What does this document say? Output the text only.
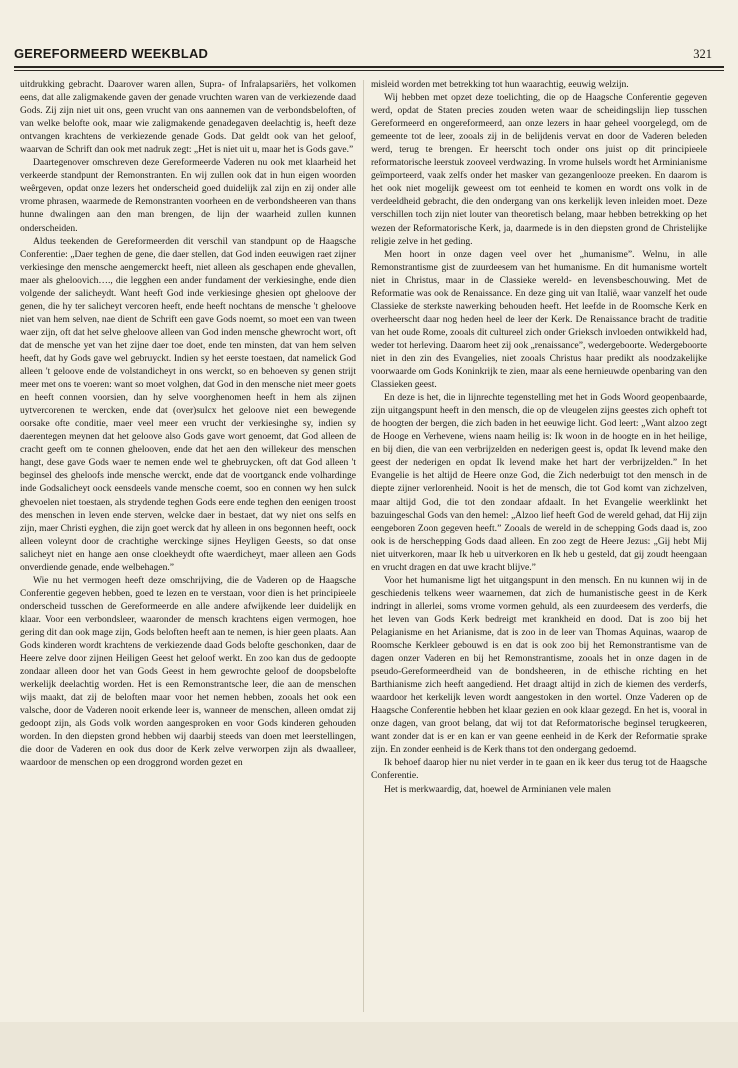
GEREFORMEERD WEEKBLAD	321

uitdrukking gebracht. Daarover waren allen, Supra- of Infralapsariërs, het volkomen eens, dat alle zaligmakende gaven der genade vruchten waren van de verkiezende daad Gods. Zij zijn niet uit ons, geen vrucht van ons aannemen van de verbondsbeloften, of van welke belofte ook, maar wie zaligmakende genadegaven deelachtig is, heeft deze ontvangen krachtens de verkiezende genade Gods. Dat geldt ook van het geloof, waarvan de Schrift dan ook met nadruk zegt: „Het is niet uit u, maar het is Gods gave.”

Daartegenover omschreven deze Gereformeerde Vaderen nu ook met klaarheid het verkeerde standpunt der Remonstranten. En wij zullen ook dat in hun eigen woorden weêrgeven, opdat onze lezers het onderscheid goed duidelijk zal zijn en zij onder alle vrome phrasen, waarmede de Remonstranten voorheen en de verbondsheeren van thans hunne dwalingen aan den man brengen, de lijn der waarheid zullen kunnen onderscheiden.

Aldus teekenden de Gereformeerden dit verschil van standpunt op de Haagsche Conferentie: „Daer teghen de gene, die daer stellen, dat God inden eeuwigen raet zijner verkiesinge den mensche aengemerckt heeft, niet alleen als geschapen ende ghevallen, maer als gheloovich…., die legghen een ander fundament der verkiesinghe, ende dien volgende der salicheydt. Want heeft God inde verkiesinge ghesien opt gheloove der genen, die hy ter salicheyt vercoren heeft, ende heeft nochtans de mensche 't gheloove niet van hem selven, nae dient de Schrift een gave Gods noemt, so moet een van tween waer zijn, oft dat het selve gheloove alleen van God inden mensche ghewrocht wort, oft dat de mensche yet van het zijne daer toe doet, ende ten minsten, dat van hem selven heeft, dat hy Gods gave wel gebruyckt. Indien sy het eerste toestaen, dat namelick God alleen 't geloove ende de volstandicheyt in ons werckt, so en behoeven sy genen strijt meer met ons te voeren: want so moet volghen, dat God in den mensche niet meer goets en heeft connen voorsien, dan hy selve voorghenomen heeft in hem als zijnen uytvercorenen te wercken, ende dat (over)sulcx het geloove niet een bewegende oorsake ofte conditie, maer veel meer een vrucht der verkiesinghe sy, indien sy daerentegen meynen dat het geloove also Gods gave wort genoemt, dat God alleen de cracht geeft om te connen ghelooven, ende dat het aen den willekeur des menschen hangt, dese gave Gods waer te nemen ende wel te ghebruycken, oft dat God alleen 't beginsel des gheloofs inde mensche werckt, ende dat de voortganck ende volhardinge inde Godsalicheyt oock eensdeels vande mensche coemt, soo en connen wy hen sulck ghevoelen niet toestaen, als strydende teghen Gods eere ende teghen den eenigen troost des menschen in leven ende sterven, welcke daer in bestaet, dat wy niet ons selfs en zijn, maer Christi eyghen, die zijn goet werck dat hy alleen in ons begonnen heeft, oock alleen voleynt door de crachtighe werckinge sijnes Heyligen Geests, so dat onse salicheyt niet en hange aen onse cloekheydt ofte waerdicheyt, maer alleen aen Gods onverdiende genade, ende welbehagen.”

Wie nu het vermogen heeft deze omschrijving, die de Vaderen op de Haagsche Conferentie gegeven hebben, goed te lezen en te verstaan, voor dien is het principieele onderscheid tusschen de Gereformeerde en alle andere afwijkende leer duidelijk en klaar. Voor een verbondsleer, waaronder de mensch krachtens eigen vermogen, hoe gering dit dan ook mage zijn, Gods beloften heeft aan te nemen, is hier geen plaats. Aan Gods kinderen wordt krachtens de verkiezende daad Gods belofte geschonken, daar de Heere zelve door zijnen Heiligen Geest het geloof werkt. En zoo kan dus de gedoopte zondaar alleen door het van Gods Geest in hem gewrochte geloof de doopsbelofte werkelijk deelachtig worden. Het is een Remonstrantsche leer, die aan de menschen wijs maakt, dat zij de beloften maar voor het nemen hebben, zooals het ook een valsche, door de Vaderen nooit erkende leer is, wanneer de menschen, alleen omdat zij gedoopt zijn, als Gods volk worden aangesproken en voor Gods kinderen gehouden worden. In den diepsten grond hebben wij daarbij steeds van doen met leerstellingen, die door de Vaderen en ook dus door de Kerk zelve verworpen zijn als dwaalleer, waardoor de menschen op een droggrond worden gezet en

misleid worden met betrekking tot hun waarachtig, eeuwig welzijn.

Wij hebben met opzet deze toelichting, die op de Haagsche Conferentie gegeven werd, opdat de Staten precies zouden weten waar de scheidingslijn liep tusschen Gereformeerd en ongereformeerd, aan onze lezers in haar geheel voorgelegd, om de gemeente tot de leer, zooals zij in de belijdenis vervat en door de Vaderen beleden werd, terug te brengen. Er heerscht toch onder ons juist op dit principieele reformatorische leerstuk zooveel verdwazing. In vrome hulsels wordt het Arminianisme geïmporteerd, vaak zelfs onder het masker van gezangenlooze preeken. En daarom is het ook niet mogelijk geweest om tot eenheid te komen en wordt ons volk in de verdeeldheid gebracht, die den ondergang van ons kerkelijk leven inleiden moet. Deze verschillen toch zijn niet louter van theoretisch belang, maar hebben betrekking op het wezen der Reformatorische Kerk, ja, daarmede is in den diepsten grond de Christelijke religie zelve in het geding.

Men hoort in onze dagen veel over het „humanisme”. Welnu, in alle Remonstrantisme gist de zuurdeesem van het humanisme. En dit humanisme wortelt niet in Christus, maar in de Classieke wereld- en levensbeschouwing. Met de Reformatie was ook de Renaissance. En deze ging uit van Italië, waar vanzelf het oude Classieke de sterkste nawerking behouden heeft. Het leefde in de Roomsche Kerk en overheerscht daar nog heden heel de leer der Kerk. De Renaissance bracht de traditie van het oude Rome, zooals dit cultureel zich onder Grieksch invloeden ontwikkeld had, weder tot herleving. Daarom heet zij ook „renaissance”, wedergeboorte. Wedergeboorte niet in den zin des Evangelies, niet zooals Christus haar predikt als noodzakelijke voorwaarde om Gods Koninkrijk te zien, maar als eene hernieuwde openbaring van den Classieken geest.

En deze is het, die in lijnrechte tegenstelling met het in Gods Woord geopenbaarde, zijn uitgangspunt heeft in den mensch, die op de vleugelen zijns geestes zich opheft tot de hoogten der bergen, die zich baden in het eeuwige licht. God leert: „Want alzoo zegt de Hooge en Verhevene, wiens naam heilig is: Ik woon in de hoogte en in het heilige, en bij dien, die van een verbrijzelden en nederigen geest is, opdat Ik levend make den geest der nederigen en opdat Ik levend make het hart der verbrijzelden.” In het Evangelie is het altijd de Heere onze God, die Zich nederbuigt tot den mensch in de diepte zijner verlorenheid. Nooit is het de mensch, die tot God komt van zichzelven, maar altijd God, die tot den zondaar afdaalt. In het Evangelie weerklinkt het bazuingeschal Gods van den hemel: „Alzoo lief heeft God de wereld gehad, dat Hij zijn eengeboren Zoon gegeven heeft.” Zooals de wereld in de schepping Gods daad is, zoo ook is de herschepping Gods daad alleen. En zoo zegt de Heere Jezus: „Gij hebt Mij niet uitverkoren, maar Ik heb u uitverkoren en Ik heb u gesteld, dat gij zoudt heengaan en vrucht dragen en dat uwe kracht blijve.”

Voor het humanisme ligt het uitgangspunt in den mensch. En nu kunnen wij in de geschiedenis telkens weer waarnemen, dat zich de humanistische geest in de Kerk indringt in allerlei, soms vrome vormen gehuld, als een zuurdeesem des verderfs, die het leven van Gods Kerk bedreigt met krankheid en dood. Dat is zoo bij het Pelagianisme en het Arianisme, dat is zoo in de leer van Thomas Aquinas, waarop de Roomsche Kerkleer gebouwd is en dat is ook zoo bij het Remonstrantisme van de dagen onzer Vaderen en bij het Remonstrantisme, zooals het in onze dagen in de pseudo-Gereformeerdheid van de bondsheeren, in de ethische richting en het Barthianisme zich heeft aangediend. Het draagt altijd in zich de kiemen des verderfs, waardoor het kerkelijk leven wordt aangestoken in den wortel. Onze Vaderen op de Haagsche Conferentie hebben het klaar gezien en ook klaar gezegd. En het is, vooral in onze dagen, van groot belang, dat wij tot dat Reformatorische beginsel terugkeeren, want zonder dat is er en kan er van geene eenheid in de Kerk der Reformatie sprake zijn. En zonder eenheid is de Kerk thans tot den ondergang gedoemd.

Ik behoef daarop hier nu niet verder in te gaan en ik keer dus terug tot de Haagsche Conferentie.

Het is merkwaardig, dat, hoewel de Arminianen vele malen
